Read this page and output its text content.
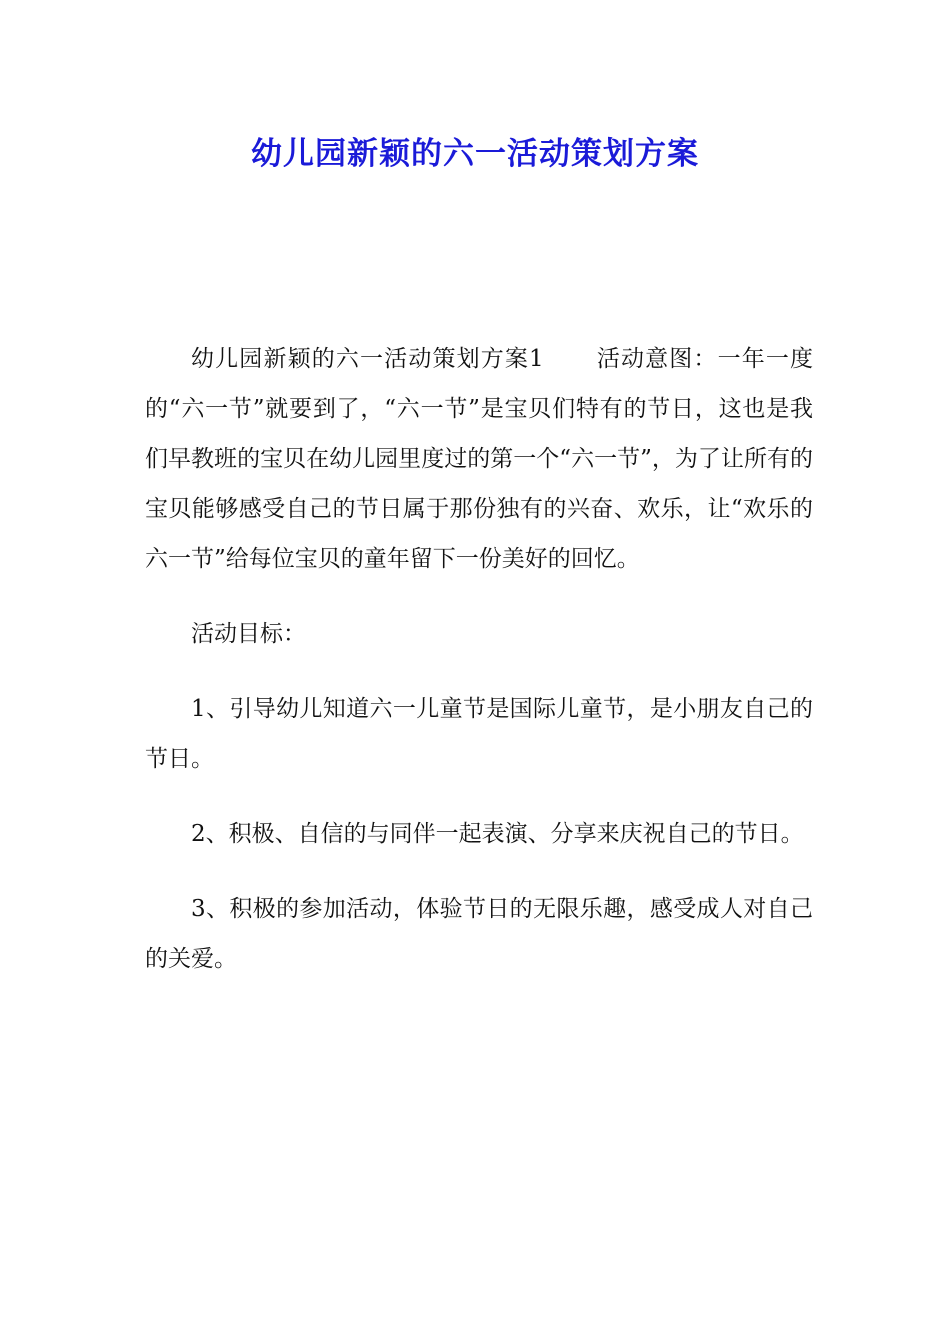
幼儿园新颖的六一活动策划方案

幼儿园新颖的六一活动策划方案1 活动意图：一年一度的“六一节”就要到了，“六一节”是宝贝们特有的节日，这也是我们早教班的宝贝在幼儿园里度过的第一个“六一节”，为了让所有的宝贝能够感受自己的节日属于那份独有的兴奋、欢乐，让“欢乐的六一节”给每位宝贝的童年留下一份美好的回忆。

活动目标：

1、引导幼儿知道六一儿童节是国际儿童节，是小朋友自己的节日。

2、积极、自信的与同伴一起表演、分享来庆祝自己的节日。

3、积极的参加活动，体验节日的无限乐趣，感受成人对自己的关爱。
